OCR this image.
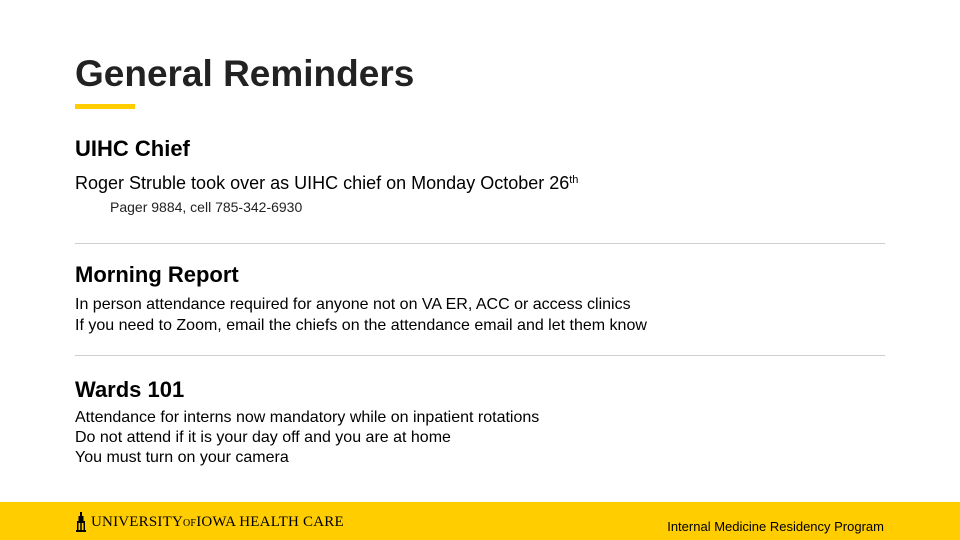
General Reminders
UIHC Chief

Roger Struble took over as UIHC chief on Monday October 26th

Pager 9884, cell 785-342-6930

Morning Report

In person attendance required for anyone not on VA ER, ACC or access clinics

If you need to Zoom, email the chiefs on the attendance email and let them know

Wards 101

Attendance for interns now mandatory while on inpatient rotations

Do not attend if it is your day off and you are at home

You must turn on your camera

UNIVERSITYOFIOWA HEALTH CARE	Internal Medicine Residency Program
